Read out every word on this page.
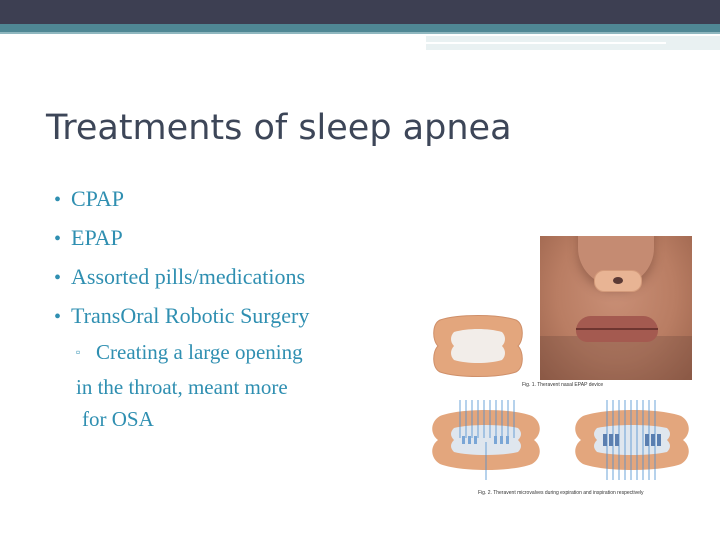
Treatments of sleep apnea
• CPAP
• EPAP
• Assorted pills/medications
• TransOral Robotic Surgery
▫ Creating a large opening
in the throat, meant more
for OSA
Fig. 1. Theravent nasal EPAP device
Fig. 2. Theravent microvalves during expiration and inspiration respectively
